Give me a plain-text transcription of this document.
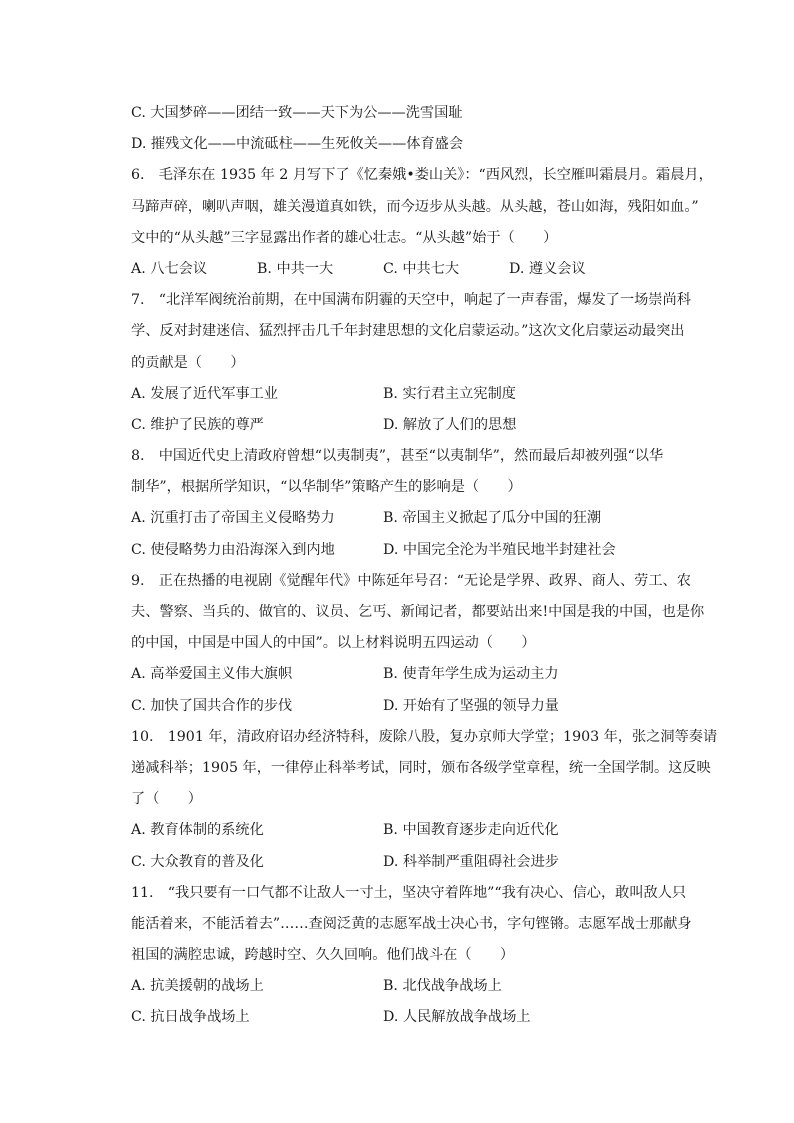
C. 大国梦碎——团结一致——天下为公——洗雪国耻
D. 摧残文化——中流砥柱——生死攸关——体育盛会
6.　毛泽东在 1935 年 2 月写下了《忆秦娥•娄山关》：“西风烈，长空雁叫霜晨月。霜晨月，
马蹄声碎，喇叭声咽，雄关漫道真如铁，而今迈步从头越。从头越，苍山如海，残阳如血。”
文中的“从头越”三字显露出作者的雄心壮志。“从头越”始于（　　）
A. 八七会议	B. 中共一大	C. 中共七大	D. 遵义会议
7.　“北洋军阀统治前期，在中国满布阴霾的天空中，响起了一声春雷，爆发了一场崇尚科
学、反对封建迷信、猛烈抨击几千年封建思想的文化启蒙运动。”这次文化启蒙运动最突出
的贡献是（　　）
A. 发展了近代军事工业	B. 实行君主立宪制度
C. 维护了民族的尊严	D. 解放了人们的思想
8.　中国近代史上清政府曾想“以夷制夷”，甚至“以夷制华”，然而最后却被列强“以华
制华”，根据所学知识，“以华制华”策略产生的影响是（　　）
A. 沉重打击了帝国主义侵略势力	B. 帝国主义掀起了瓜分中国的狂潮
C. 使侵略势力由沿海深入到内地	D. 中国完全沦为半殖民地半封建社会
9.　正在热播的电视剧《觉醒年代》中陈延年号召：“无论是学界、政界、商人、劳工、农
夫、警察、当兵的、做官的、议员、乞丐、新闻记者，都要站出来!中国是我的中国，也是你
的中国，中国是中国人的中国”。以上材料说明五四运动（　　）
A. 高举爱国主义伟大旗帜	B. 使青年学生成为运动主力
C. 加快了国共合作的步伐	D. 开始有了坚强的领导力量
10.　1901 年，清政府诏办经济特科，废除八股，复办京师大学堂；1903 年，张之洞等奏请
递减科举；1905 年，一律停止科举考试，同时，颁布各级学堂章程，统一全国学制。这反映
了（　　）
A. 教育体制的系统化	B. 中国教育逐步走向近代化
C. 大众教育的普及化	D. 科举制严重阻碍社会进步
11.　“我只要有一口气都不让敌人一寸土，坚决守着阵地”“我有决心、信心，敢叫敌人只
能活着来，不能活着去”……查阅泛黄的志愿军战士决心书，字句铿锵。志愿军战士那献身
祖国的满腔忠诚，跨越时空、久久回响。他们战斗在（　　）
A. 抗美援朝的战场上	B. 北伐战争战场上
C. 抗日战争战场上	D. 人民解放战争战场上
